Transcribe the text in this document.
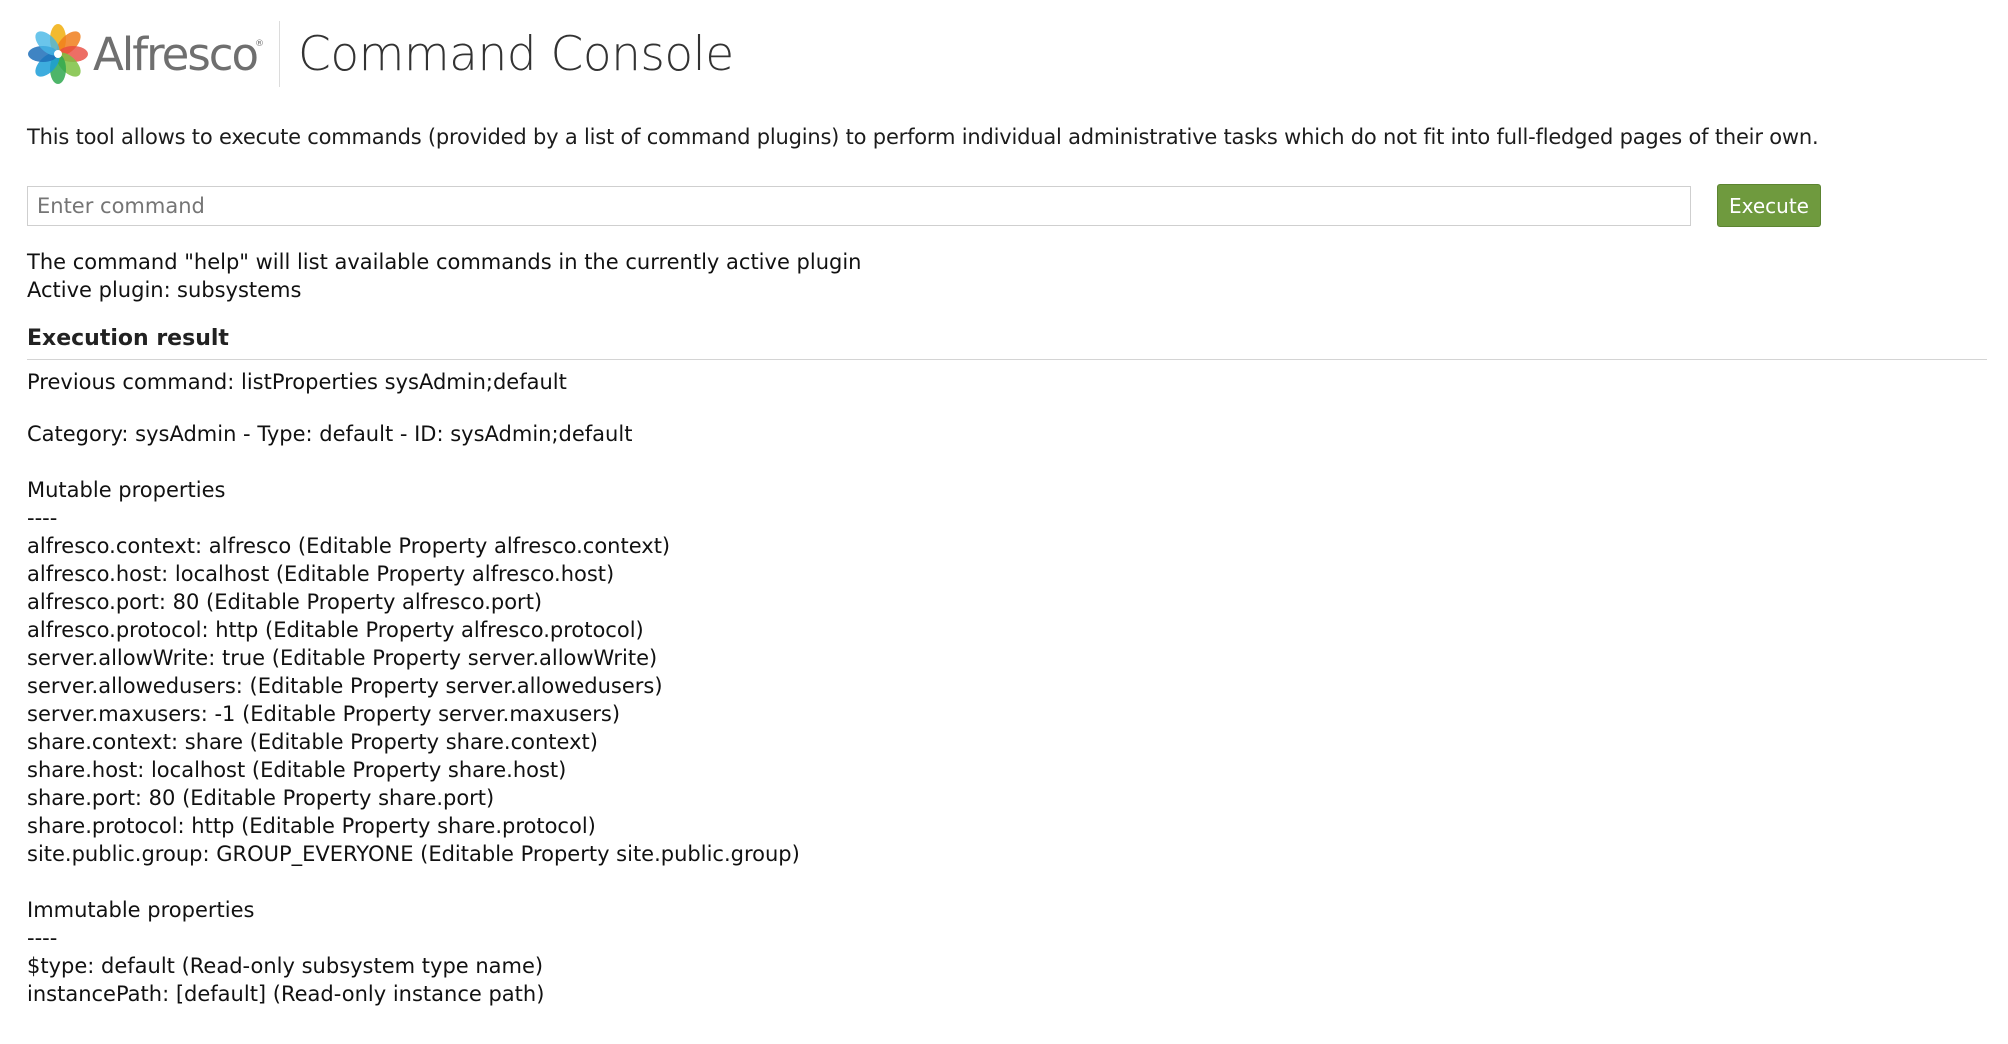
Alfresco
® Command Console
This tool allows to execute commands (provided by a list of command plugins) to perform individual administrative tasks which do not fit into full-fledged pages of their own.
Enter command
Execute
The command "help" will list available commands in the currently active plugin
Active plugin: subsystems
Execution result
Previous command: listProperties sysAdmin;default
Category: sysAdmin - Type: default - ID: sysAdmin;default
Mutable properties
----
alfresco.context: alfresco (Editable Property alfresco.context)
alfresco.host: localhost (Editable Property alfresco.host)
alfresco.port: 80 (Editable Property alfresco.port)
alfresco.protocol: http (Editable Property alfresco.protocol)
server.allowWrite: true (Editable Property server.allowWrite)
server.allowedusers: (Editable Property server.allowedusers)
server.maxusers: -1 (Editable Property server.maxusers)
share.context: share (Editable Property share.context)
share.host: localhost (Editable Property share.host)
share.port: 80 (Editable Property share.port)
share.protocol: http (Editable Property share.protocol)
site.public.group: GROUP_EVERYONE (Editable Property site.public.group)
Immutable properties
----
$type: default (Read-only subsystem type name)
instancePath: [default] (Read-only instance path)
